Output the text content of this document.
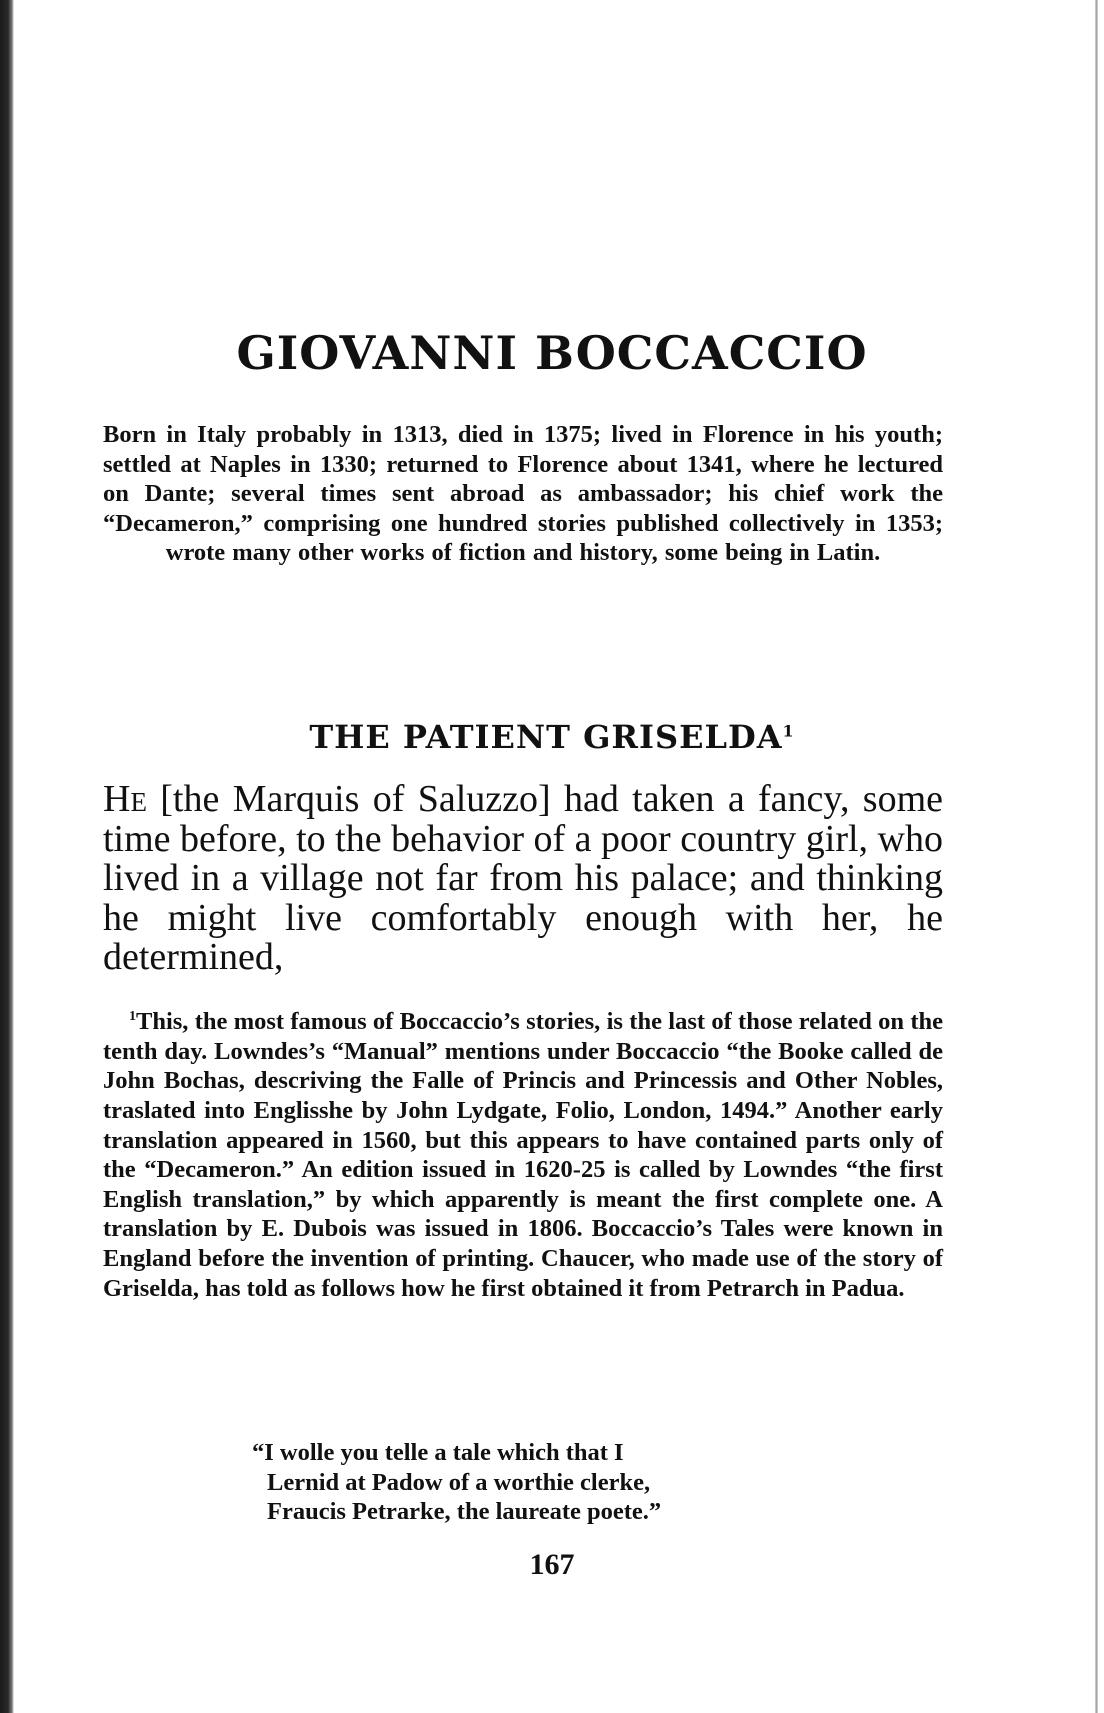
GIOVANNI BOCCACCIO

Born in Italy probably in 1313, died in 1375; lived in Florence in his youth; settled at Naples in 1330; returned to Florence about 1341, where he lectured on Dante; several times sent abroad as ambassador; his chief work the “Decameron,” comprising one hundred stories published collectively in 1353; wrote many other works of fiction and history, some being in Latin.

THE PATIENT GRISELDA$^1$

He [the Marquis of Saluzzo] had taken a fancy, some time before, to the behavior of a poor country girl, who lived in a village not far from his palace; and thinking he might live comfortably enough with her, he determined,

$^1$This, the most famous of Boccaccio’s stories, is the last of those related on the tenth day. Lowndes’s “Manual” mentions under Boccaccio “the Booke called de John Bochas, descriving the Falle of Princis and Princessis and Other Nobles, traslated into Englisshe by John Lydgate, Folio, London, 1494.” Another early translation appeared in 1560, but this appears to have contained parts only of the “Decameron.” An edition issued in 1620-25 is called by Lowndes “the first English translation,” by which apparently is meant the first complete one. A translation by E. Dubois was issued in 1806. Boccaccio’s Tales were known in England before the invention of printing. Chaucer, who made use of the story of Griselda, has told as follows how he first obtained it from Petrarch in Padua.

“I wolle you telle a tale which that I
Lernid at Padow of a worthie clerke,
Fraucis Petrarke, the laureate poete.”
167
